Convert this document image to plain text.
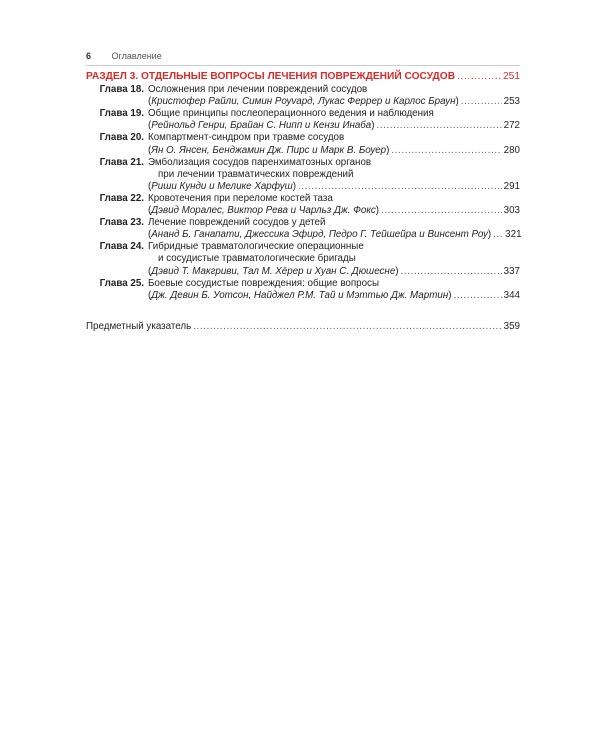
6 Оглавление
РАЗДЕЛ 3. ОТДЕЛЬНЫЕ ВОПРОСЫ ЛЕЧЕНИЯ ПОВРЕЖДЕНИЙ СОСУДОВ .....	251
Глава 18. Осложнения при лечении повреждений сосудов
(Кристофер Райли, Симин Роуvард, Лукас Феррер и Карлос Браун) .....	253
Глава 19. Общие принципы послеоперационного ведения и наблюдения
(Рейнольд Генри, Брайан С. Нипп и Кензи Инаба) .....	272
Глава 20. Компартмент-синдром при травме сосудов
(Ян О. Янсен, Бенджамин Дж. Пирс и Марк В. Боуер) .....	280
Глава 21. Эмболизация сосудов паренхиматозных органов
при лечении травматических повреждений
(Риши Кунди и Мелике Харфуш) .....	291
Глава 22. Кровотечения при переломе костей таза
(Дэвид Моралес, Виктор Рева и Чарльз Дж. Фокс) .....	303
Глава 23. Лечение повреждений сосудов у детей
(Ананд Б. Ганапати, Джессика Эфирд, Педро Г. Тейшейра и Винсент Роу) ..... 321
Глава 24. Гибридные травматологические операционные
и сосудистые травматологические бригады
(Дэвид Т. Макгриви, Тал М. Хёрер и Хуан С. Дюшесне) .....	337
Глава 25. Боевые сосудистые повреждения: общие вопросы
(Дж. Девин Б. Уотсон, Найджел Р.М. Тай и Мэттью Дж. Мартин) .....	344
Предметный указатель .....	359
